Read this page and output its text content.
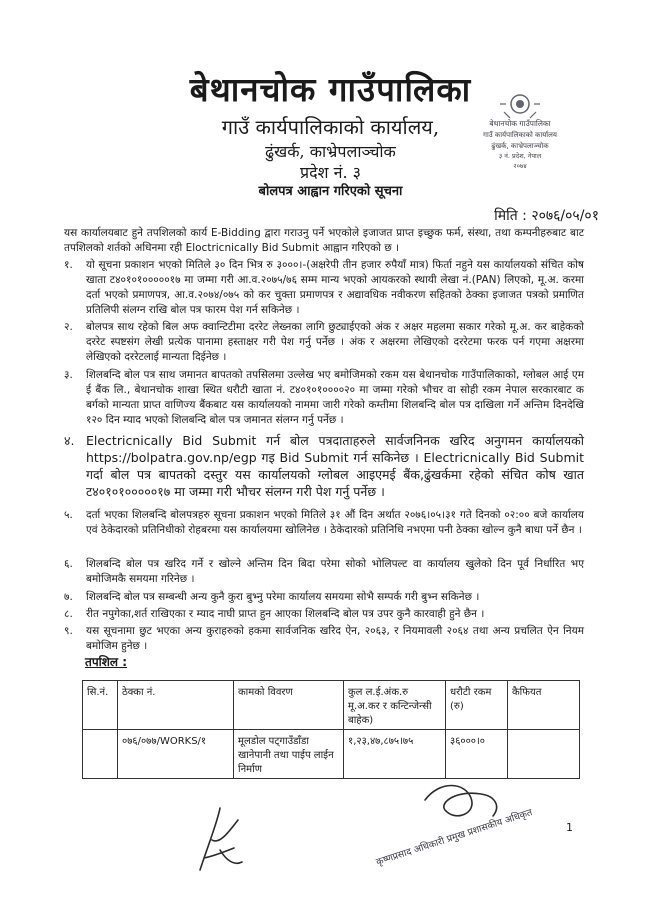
बेथानचोक गाउँपालिका
गाउँ कार्यपालिकाको कार्यालय,
ढुंखर्क, काभ्रेपलाञ्चोक
प्रदेश नं. ३
बोलपत्र आह्वान गरिएको सूचना
बेथानचोक गाउँपालिका
गाउँ कार्यपालिकाको कार्यालय
ढुंखर्क, काभ्रेपलाञ्चोक
३ नं. प्रदेश, नेपाल
२०७४
मिति : २०७६/०५/०१
यस कार्यालयबाट हुने तपशिलको कार्य E-Bidding द्वारा गराउनु पर्ने भएकोले इजाजत प्राप्त इच्छुक फर्म, संस्था, तथा कम्पनीहरुबाट बाट तपशिलको शर्तको अधिनमा रही Eloctricnically Bid Submit आह्वान गरिएको छ ।
१.	यो सूचना प्रकाशन भएको मितिले ३० दिन भित्र रु ३०००।-(अक्षरेपी तीन हजार रुपैयाँ मात्र) फिर्ता नहुने यस कार्यालयको संचित कोष खाता ट४०१०१०००००१७ मा जम्मा गरी आ.व.२०७५/७६ सम्म मान्य भएको आयकरको स्थायी लेखा नं.(PAN) लिएको, मू.अ. करमा दर्ता भएको प्रमाणपत्र, आ.व.२०७४/०७५ को कर चुक्ता प्रमाणपत्र र अद्यावधिक नवीकरण सहितको ठेक्का इजाजत पत्रको प्रमाणित प्रतिलिपी संलग्न राखि बोल पत्र फारम पेश गर्न सकिनेछ ।
२.	बोलपत्र साथ रहेको बिल अफ क्वान्टिटीमा दररेट लेख्नका लागि छुट्याईएको अंक र अक्षर महलमा सकार गरेको मू.अ. कर बाहेकको दररेट स्पष्टसंग लेखी प्रत्येक पानामा हस्ताक्षर गरी पेश गर्नु पर्नेछ । अंक र अक्षरमा लेखिएको दररेटमा फरक पर्न गएमा अक्षरमा लेखिएको दररेटलाई मान्यता दिईनेछ ।
३.	शिलबन्दि बोल पत्र साथ जमानत बापतको तपसिलमा उल्लेख भए बमोजिमको रकम यस बेथानचोक गाउँपालिकाको, ग्लोबल आई एम ई बैंक लि., बेथानचोक शाखा स्थित धरौटी खाता नं. ट४०१०१००००२० मा जम्मा गरेको भौचर वा सोही रकम नेपाल सरकारबाट क बर्गको मान्यता प्राप्त वाणिज्य बैंकबाट यस कार्यालयको नाममा जारी गरेको कम्तीमा शिलबन्दि बोल पत्र दाखिला गर्ने अन्तिम दिनदेखि १२० दिन म्याद भएको शिलबन्दि बोल पत्र जमानत संलग्न गर्नु पर्नेछ ।
४. Electricnically Bid Submit गर्न बोल पत्रदाताहरुले सार्वजनिनक खरिद अनुगमन कार्यालयको https://bolpatra.gov.np/egp गइ Bid Submit गर्न सकिनेछ । Electricnically Bid Submit गर्दा बोल पत्र बापतको दस्तुर यस कार्यालयको ग्लोबल आइएमई बैंक,ढुंखर्कमा रहेको संचित कोष खात ट४०१०१०००००१७ मा जम्मा गरी भौचर संलग्न गरी पेश गर्नु पर्नेछ ।
५.	दर्ता भएका शिलबन्दि बोलपत्रहरु सूचना प्रकाशन भएको मितिले ३१ औं दिन अर्थात २०७६।०५।३१ गते दिनको ०२:०० बजे कार्यालय एवं ठेकेदारको प्रतिनिधीको रोहबरमा यस कार्यालयमा खोलिनेछ । ठेकेदारको प्रतिनिधि नभएमा पनी ठेक्का खोल्न कुनै बाधा पर्ने छैन ।
६.	शिलबन्दि बोल पत्र खरिद गर्ने र खोल्ने अन्तिम दिन बिदा परेमा सोको भोलिपल्ट वा कार्यालय खुलेको दिन पूर्व निर्धारित भए बमोजिमकै समयमा गरिनेछ ।
७.	शिलबन्दि बोल पत्र सम्बन्धी अन्य कुनै कुरा बुभ्नु परेमा कार्यालय समयमा सोभै सम्पर्क गरी बुभ्न सकिनेछ ।
८.	रीत नपुगेका,शर्त राखिएका र म्याद नाघी प्राप्त हुन आएका शिलबन्दि बोल पत्र उपर कुनै कारवाही हुने छैन ।
९.	यस सूचनामा छुट भएका अन्य कुराहरुको हकमा सार्वजनिक खरिद ऐन, २०६३, र नियमावली २०६४ तथा अन्य प्रचलित ऐन नियम बमोजिम हुनेछ ।
तपशिल :
सि.नं.	ठेक्का नं.	कामको विवरण	कुल ल.ई.अंक.रु मू.अ.कर र कन्टिन्जेन्सी बाहेक)	धरौटी रकम (रु)	कैफियत
	०७६/०७७/WORKS/१	मूलडोल पट्गाउँडाँडा खानेपानी तथा पाईप लाईन निर्माण	१,२३,४७,८७५।७५	३६०००।०	
कृष्णप्रसाद अधिकारी प्रमुख प्रशासकीय अधिकृत	1
